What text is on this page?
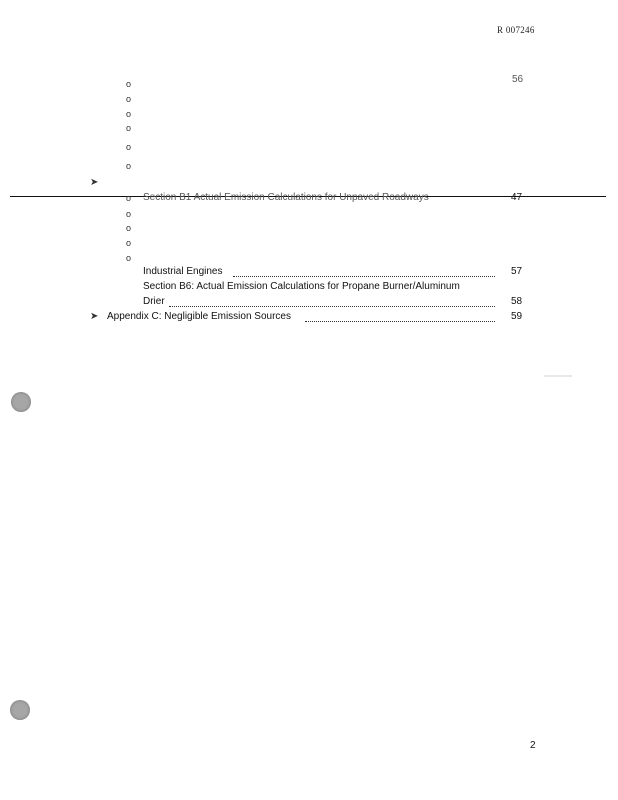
R 007246
56
o
o
o
o
o
o
➤
o Section B1 Actual Emission Calculations for Unpaved Roadways	47
o
o
o
o
Industrial Engines	57
Section B6: Actual Emission Calculations for Propane Burner/Aluminum
Drier	58
➤ Appendix C: Negligible Emission Sources	59
2
